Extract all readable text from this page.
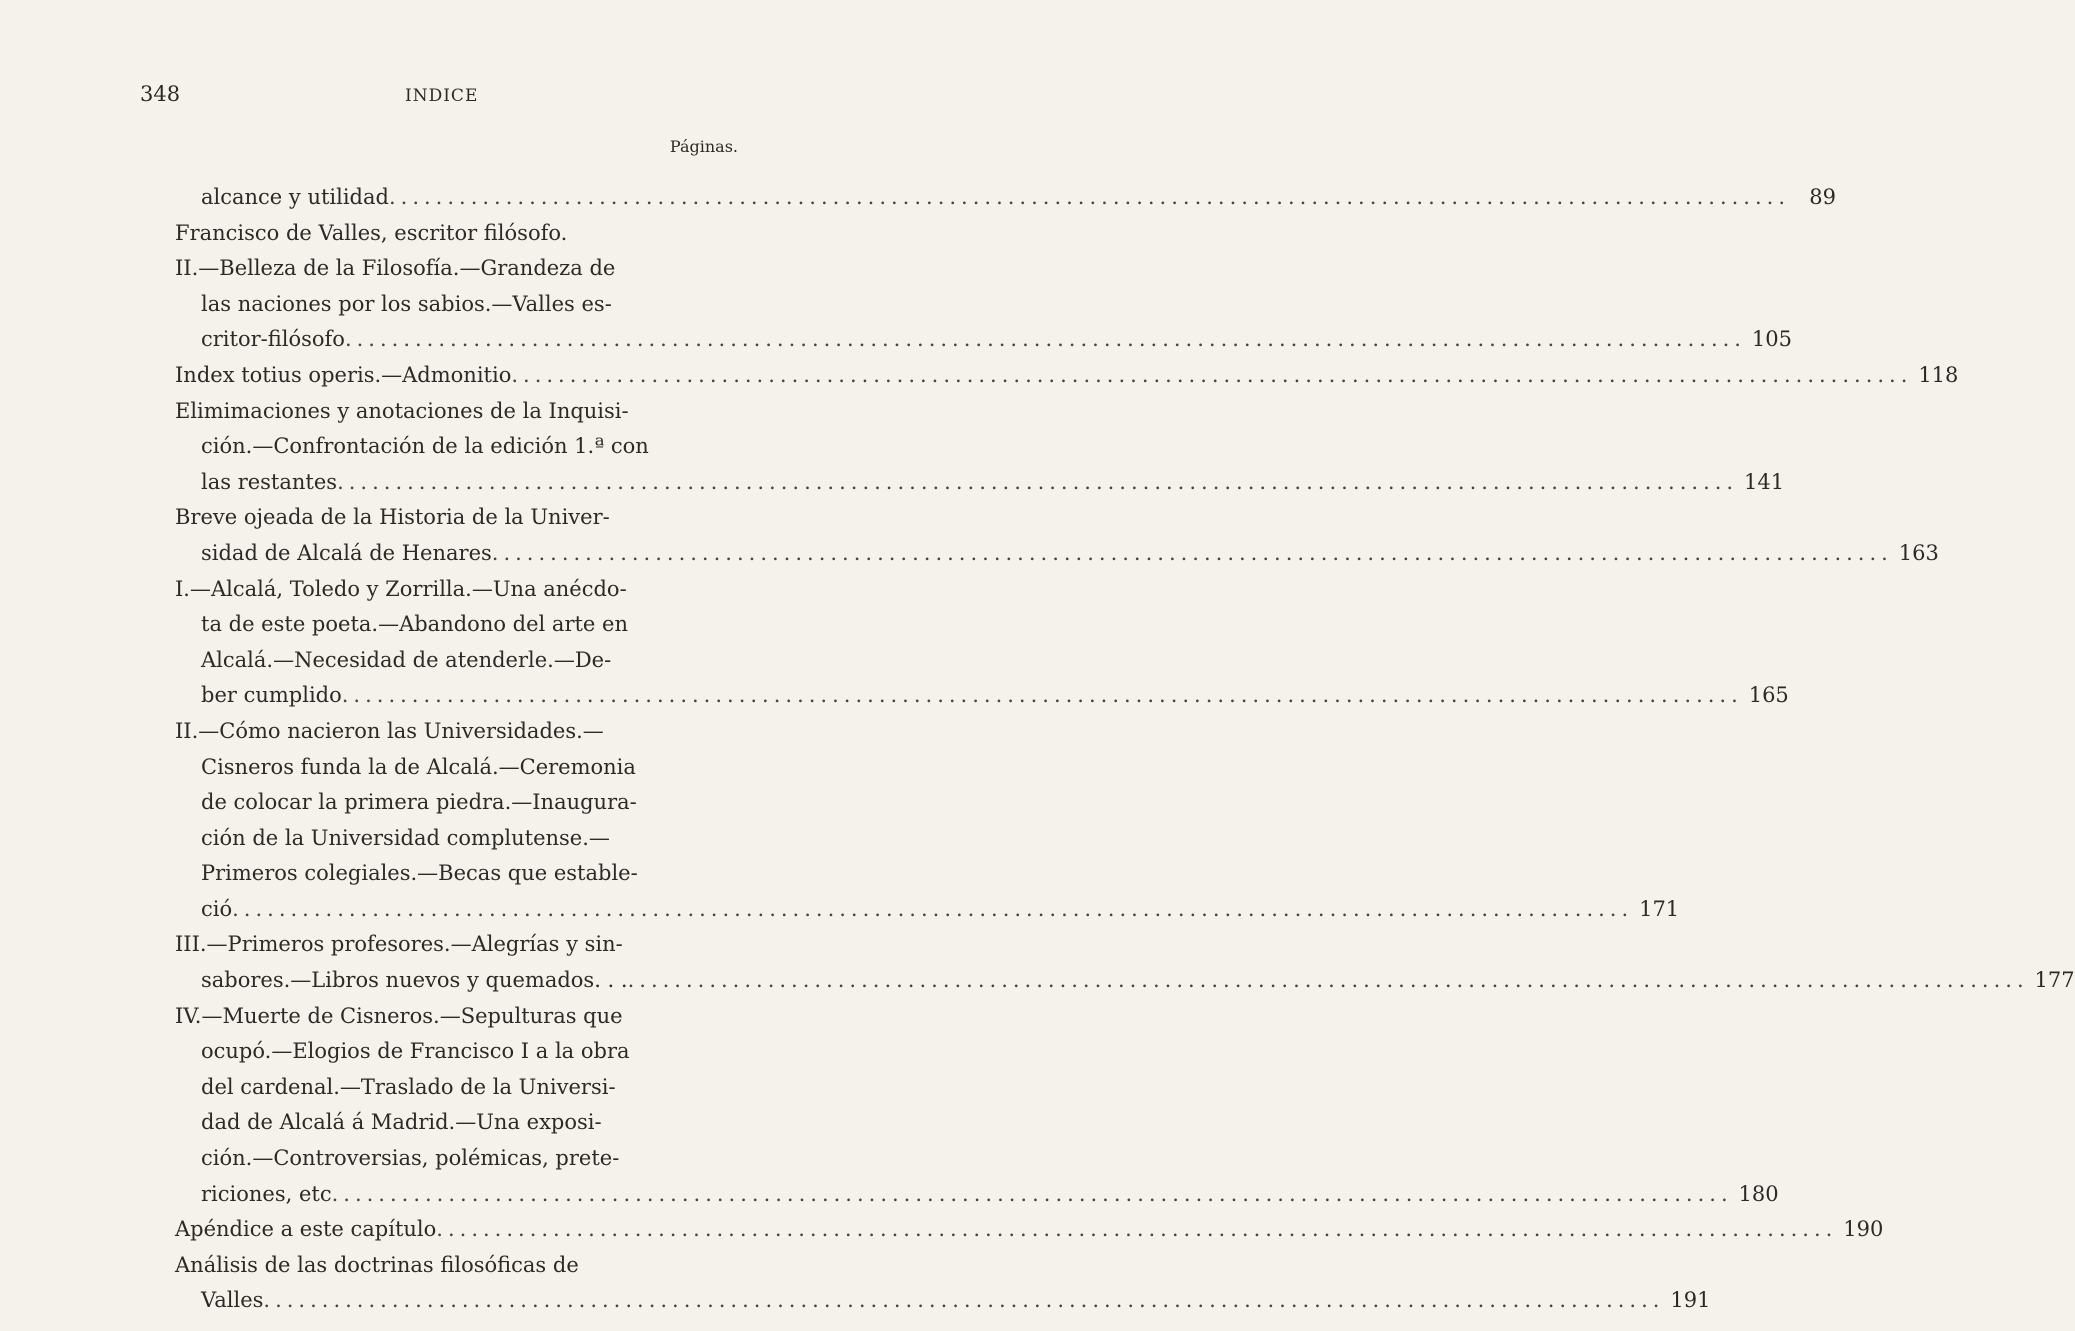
348	INDICE
Páginas.
alcance y utilidad ........................................................................................................................ 89
Francisco de Valles, escritor filósofo.
II.—Belleza de la Filosofía.—Grandeza de
las naciones por los sabios.—Valles es-
critor-filósofo ........................................................................................................................ 105
Index totius operis.—Admonitio ........................................................................................................................ 118
Elimimaciones y anotaciones de la Inquisi-
ción.—Confrontación de la edición 1.ª con
las restantes ........................................................................................................................ 141
Breve ojeada de la Historia de la Univer-
sidad de Alcalá de Henares ........................................................................................................................ 163
I.—Alcalá, Toledo y Zorrilla.—Una anécdo-
ta de este poeta.—Abandono del arte en
Alcalá.—Necesidad de atenderle.—De-
ber cumplido ........................................................................................................................ 165
II.—Cómo nacieron las Universidades.—
Cisneros funda la de Alcalá.—Ceremonia
de colocar la primera piedra.—Inaugura-
ción de la Universidad complutense.—
Primeros colegiales.—Becas que estable-
ció ........................................................................................................................ 171
III.—Primeros profesores.—Alegrías y sin-
sabores.—Libros nuevos y quemados. . . ........................................................................................................................ 177
IV.—Muerte de Cisneros.—Sepulturas que
ocupó.—Elogios de Francisco I a la obra
del cardenal.—Traslado de la Universi-
dad de Alcalá á Madrid.—Una exposi-
ción.—Controversias, polémicas, prete-
riciones, etc ........................................................................................................................ 180
Apéndice a este capítulo ........................................................................................................................ 190
Análisis de las doctrinas filosóficas de
Valles ........................................................................................................................ 191
